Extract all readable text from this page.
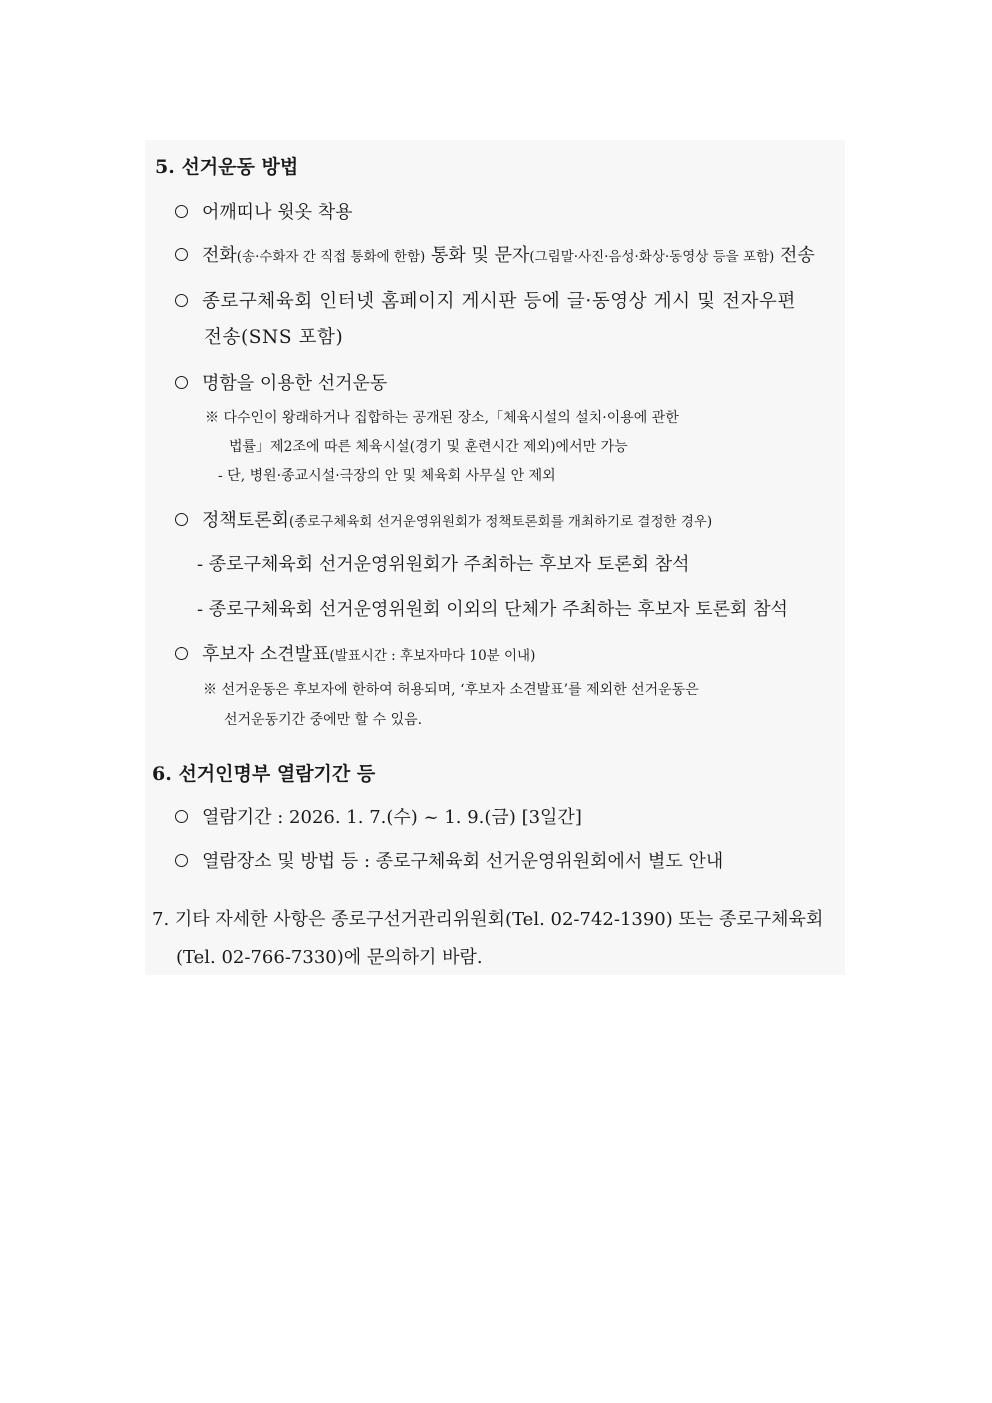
5. 선거운동 방법
어깨띠나 윗옷 착용
전화(송·수화자 간 직접 통화에 한함) 통화 및 문자(그림말·사진·음성·화상·동영상 등을 포함) 전송
종로구체육회 인터넷 홈페이지 게시판 등에 글·동영상 게시 및 전자우편
전송(SNS 포함)
명함을 이용한 선거운동
※ 다수인이 왕래하거나 집합하는 공개된 장소,「체육시설의 설치·이용에 관한
법률」제2조에 따른 체육시설(경기 및 훈련시간 제외)에서만 가능
- 단, 병원·종교시설·극장의 안 및 체육회 사무실 안 제외
정책토론회(종로구체육회 선거운영위원회가 정책토론회를 개최하기로 결정한 경우)
- 종로구체육회 선거운영위원회가 주최하는 후보자 토론회 참석
- 종로구체육회 선거운영위원회 이외의 단체가 주최하는 후보자 토론회 참석
후보자 소견발표(발표시간 : 후보자마다 10분 이내)
※ 선거운동은 후보자에 한하여 허용되며, ‘후보자 소견발표’를 제외한 선거운동은
선거운동기간 중에만 할 수 있음.
6. 선거인명부 열람기간 등
열람기간 : 2026. 1. 7.(수) ~ 1. 9.(금) [3일간]
열람장소 및 방법 등 : 종로구체육회 선거운영위원회에서 별도 안내
7. 기타 자세한 사항은 종로구선거관리위원회(Tel. 02-742-1390) 또는 종로구체육회
(Tel. 02-766-7330)에 문의하기 바람.
